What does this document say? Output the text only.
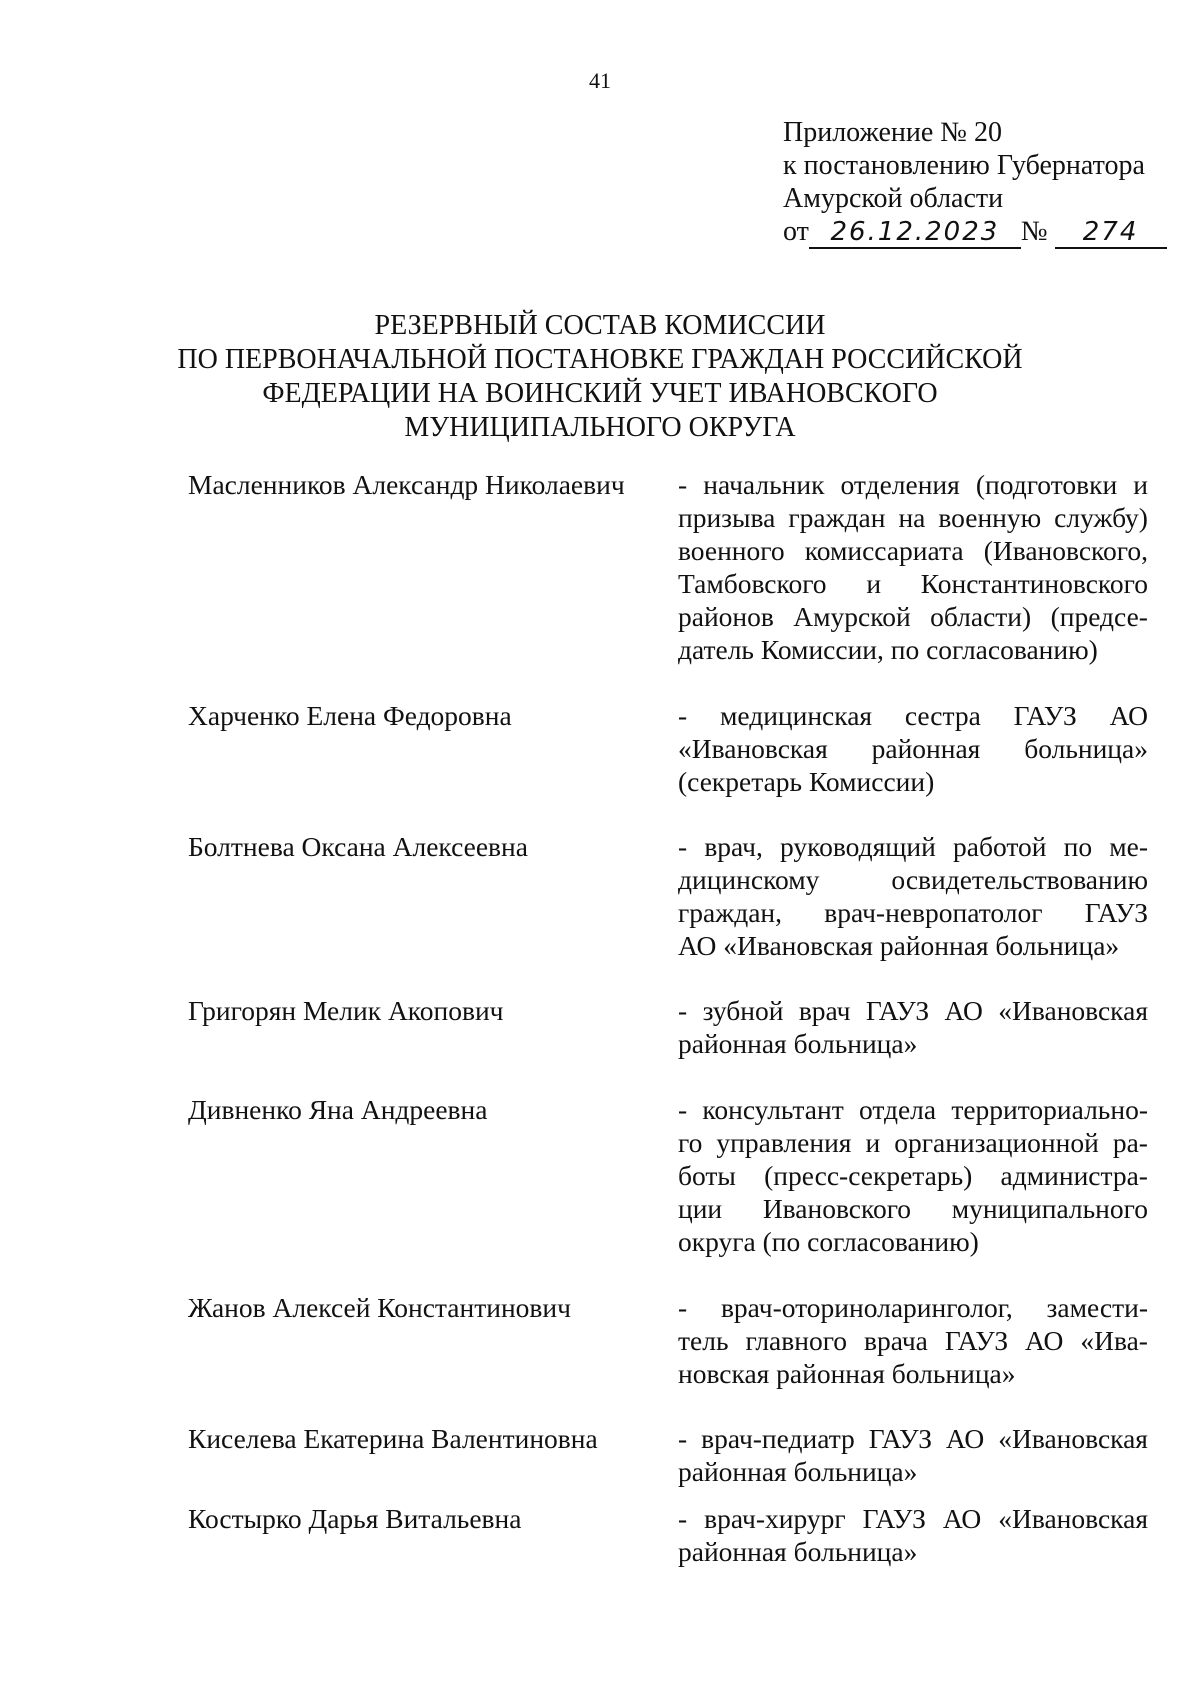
41
Приложение № 20
к постановлению Губернатора
Амурской области
от 26.12.2023 № 274
РЕЗЕРВНЫЙ СОСТАВ КОМИССИИ
ПО ПЕРВОНАЧАЛЬНОЙ ПОСТАНОВКЕ ГРАЖДАН РОССИЙСКОЙ
ФЕДЕРАЦИИ НА ВОИНСКИЙ УЧЕТ ИВАНОВСКОГО
МУНИЦИПАЛЬНОГО ОКРУГА
Масленников Александр Николаевич	- начальник отделения (подготовки и
призыва граждан на военную службу)
военного комиссариата (Ивановского,
Тамбовского и Константиновского
районов Амурской области) (предсе-
датель Комиссии, по согласованию)
Харченко Елена Федоровна	- медицинская сестра ГАУЗ АО
«Ивановская районная больница»
(секретарь Комиссии)
Болтнева Оксана Алексеевна	- врач, руководящий работой по ме-
дицинскому	освидетельствованию
граждан, врач-невропатолог ГАУЗ
АО «Ивановская районная больница»
Григорян Мелик Акопович	- зубной врач ГАУЗ АО «Ивановская
районная больница»
Дивненко Яна Андреевна	- консультант отдела территориально-
го управления и организационной ра-
боты (пресс-секретарь) администра-
ции Ивановского муниципального
округа (по согласованию)
Жанов Алексей Константинович	- врач-оториноларинголог, замести-
тель главного врача ГАУЗ АО «Ива-
новская районная больница»
Киселева Екатерина Валентиновна	- врач-педиатр ГАУЗ АО «Ивановская
районная больница»
Костырко Дарья Витальевна	- врач-хирург ГАУЗ АО «Ивановская
районная больница»
